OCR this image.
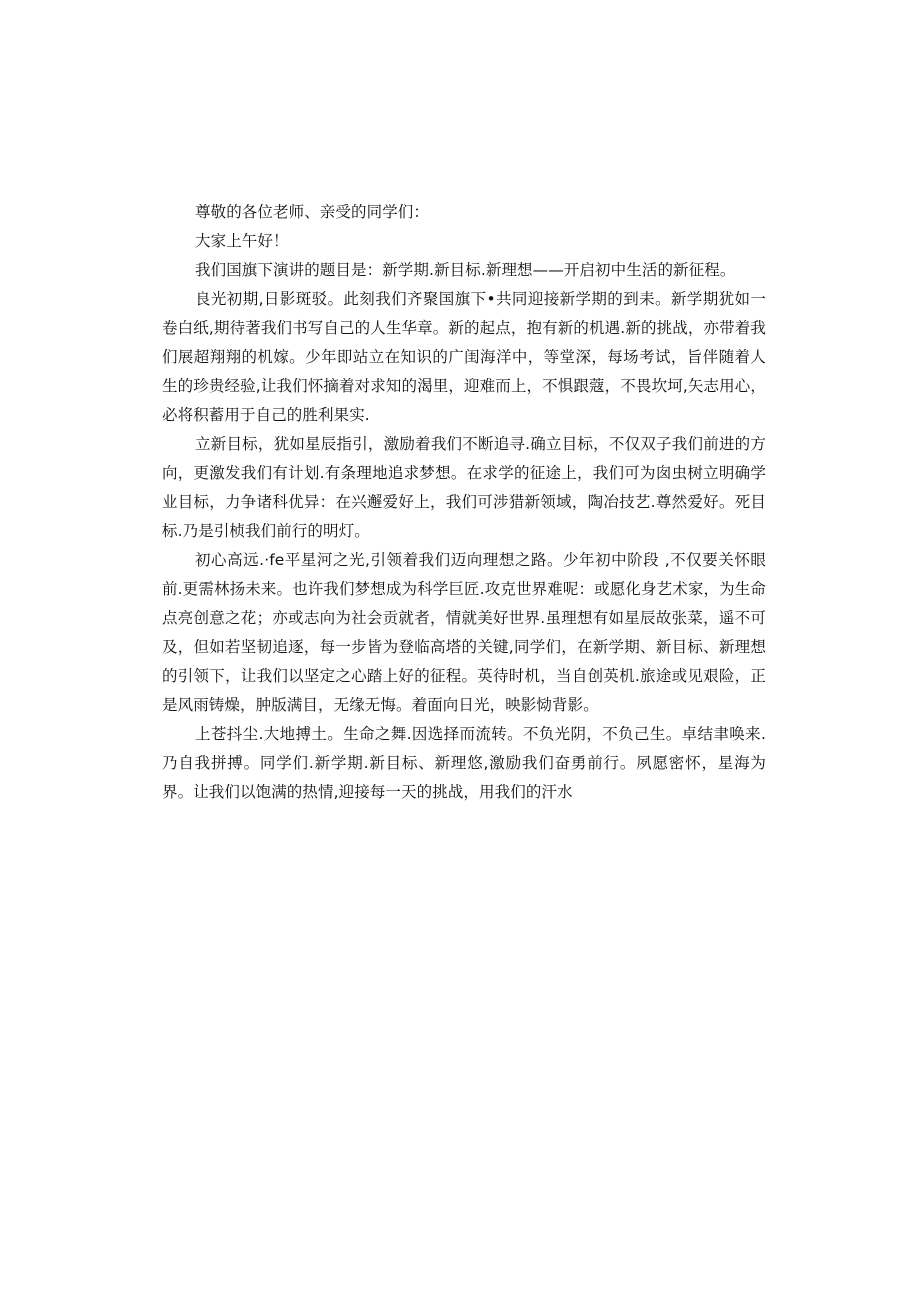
尊敬的各位老师、亲受的同学们：

大家上午好！

我们国旗下演讲的题目是：新学期.新目标.新理想——开启初中生活的新征程。

良光初期,日影斑驳。此刻我们齐聚国旗下•共同迎接新学期的到耒。新学期犹如一卷白纸,期待著我们书写自己的人生华章。新的起点，抱有新的机遇.新的挑战，亦带着我们展超翔翔的机嫁。少年即站立在知识的广闺海洋中，等堂深，每场考试，旨伴随着人生的珍贵经验,让我们怀摘着对求知的渴里，迎难而上，不惧跟蔻，不畏坎坷,矢志用心，必将积蓄用于自己的胜利果实.

立新目标，犹如星辰指引，激励着我们不断追寻.确立目标，不仅双子我们前进的方向，更激发我们有计划.有条理地追求梦想。在求学的征途上，我们可为囱虫树立明确学业目标，力争诸科优异：在兴邂爱好上，我们可涉猎新领域，陶冶技艺.尊然爱好。死目标.乃是引桢我们前行的明灯。

初心高远.·fe平星河之光,引领着我们迈向理想之路。少年初中阶段 ,不仅要关怀眼前.更需林扬未来。也许我们梦想成为科学巨匠.攻克世界难呢：或愿化身艺术家，为生命点亮创意之花；亦或志向为社会贡就者，情就美好世界.虽理想有如星辰故张菜，遥不可及，但如若坚韧追逐，每一步皆为登临高塔的关键,同学们，在新学期、新目标、新理想的引领下，让我们以坚定之心踏上好的征程。英待时机，当自创英机.旅途或见艰险，正是风雨铸燥，肿版满目，无缘无悔。着面向日光，映影恸背影。

上苍抖尘.大地搏土。生命之舞.因选择而流转。不负光阴，不负己生。卓结聿唤来.乃自我拼搏。同学们.新学期.新目标、新理悠,激励我们奋勇前行。夙愿密怀，星海为界。让我们以饱满的热情,迎接每一天的挑战，用我们的汗水
